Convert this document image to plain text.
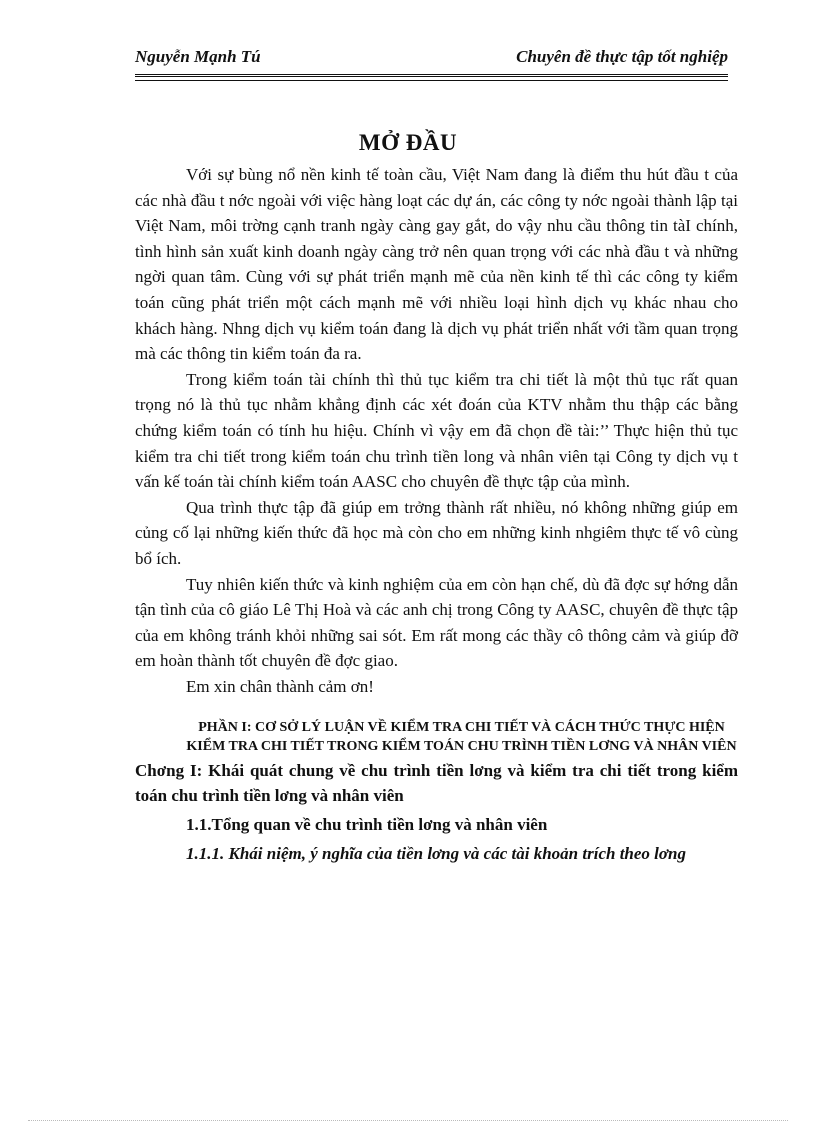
Nguyễn Mạnh Tú	Chuyên đề thực tập tốt nghiệp
MỞ ĐẦU

Với sự bùng nổ nền kinh tế toàn cầu, Việt Nam đang là điểm thu hút đầu t của các nhà đầu t nớc ngoài với việc hàng loạt các dự án, các công ty nớc ngoài thành lập tại Việt Nam, môi trờng cạnh tranh ngày càng gay gắt, do vậy nhu cầu thông tin tàI chính, tình hình sản xuất kinh doanh ngày càng trở nên quan trọng với các nhà đầu t và những ngời quan tâm. Cùng với sự phát triển mạnh mẽ của nền kinh tế thì các công ty kiểm toán cũng phát triển một cách mạnh mẽ với nhiều loại hình dịch vụ khác nhau cho khách hàng. Nhng dịch vụ kiểm toán đang là dịch vụ phát triển nhất với tầm quan trọng mà các thông tin kiểm toán đa ra.

Trong kiểm toán tài chính thì thủ tục kiểm tra chi tiết là một thủ tục rất quan trọng nó là thủ tục nhằm khẳng định các xét đoán của KTV nhằm thu thập các bằng chứng kiểm toán có tính hu hiệu. Chính vì vậy em đã chọn đề tài:’’ Thực hiện thủ tục kiểm tra chi tiết trong kiểm toán chu trình tiền long và nhân viên tại Công ty dịch vụ t vấn kế toán tài chính kiểm toán AASC cho chuyên đề thực tập của mình.

Qua trình thực tập đã giúp em trởng thành rất nhiều, nó không những giúp em củng cố lại những kiến thức đã học mà còn cho em những kinh nhgiêm thực tế vô cùng bổ ích.

Tuy nhiên kiến thức và kinh nghiệm của em còn hạn chế, dù đã đợc sự hớng dẫn tận tình của cô giáo Lê Thị Hoà và các anh chị trong Công ty AASC, chuyên đề thực tập của em không tránh khỏi những sai sót. Em rất mong các thầy cô thông cảm và giúp đỡ em hoàn thành tốt chuyên đề đợc giao.

Em xin chân thành cảm ơn!

PHẦN I: CƠ SỞ LÝ LUẬN VỀ KIỂM TRA CHI TIẾT VÀ CÁCH THỨC THỰC HIỆN KIỂM TRA CHI TIẾT TRONG KIỂM TOÁN CHU TRÌNH TIỀN LƠNG VÀ NHÂN VIÊN
Chơng I: Khái quát chung về chu trình tiền lơng và kiểm tra chi tiết trong kiểm toán chu trình tiền lơng và nhân viên
1.1.Tổng quan về chu trình tiền lơng và nhân viên
1.1.1. Khái niệm, ý nghĩa của tiền lơng và các tài khoản trích theo lơng
